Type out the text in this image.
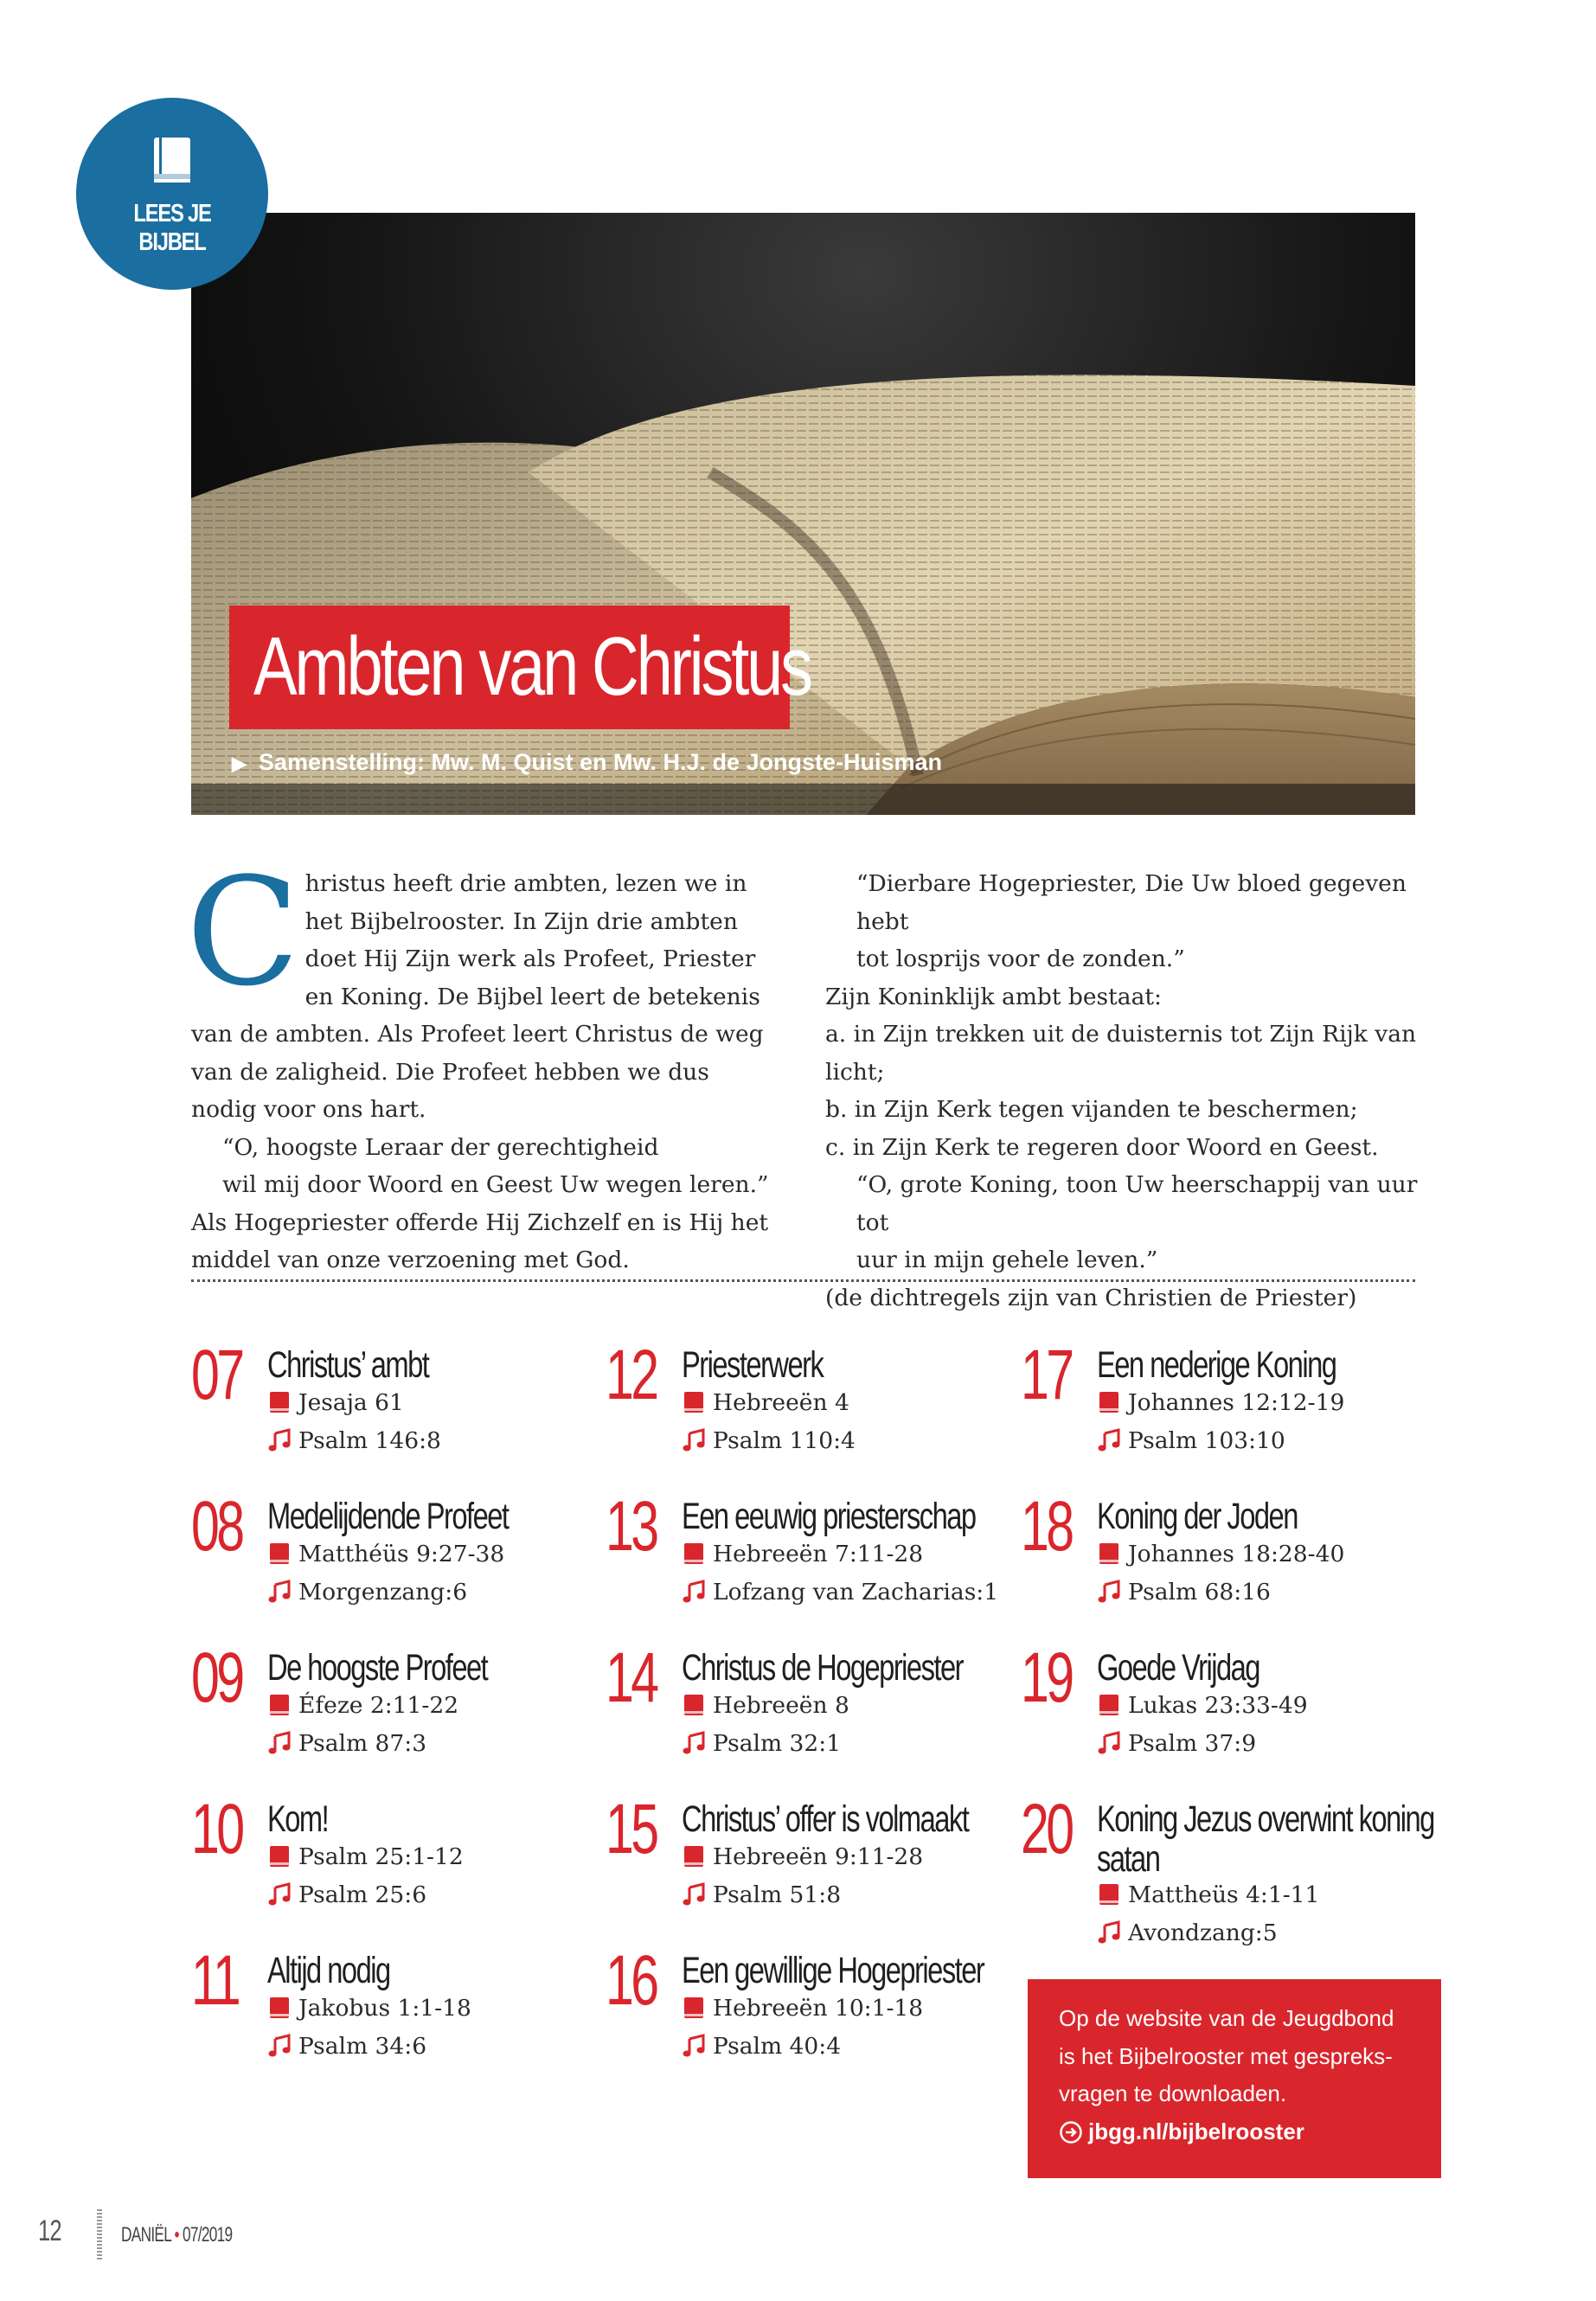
LEES JE
BIJBEL
Ambten van Christus
▶ Samenstelling: Mw. M. Quist en Mw. H.J. de Jongste-Huisman
C hristus heeft drie ambten, lezen we in het Bijbelrooster. In Zijn drie ambten doet Hij Zijn werk als Profeet, Priester en Koning. De Bijbel leert de betekenis van de ambten. Als Profeet leert Christus de weg van de zaligheid. Die Profeet hebben we dus nodig voor ons hart.

“O, hoogste Leraar der gerechtigheid

wil mij door Woord en Geest Uw wegen leren.”

Als Hogepriester offerde Hij Zichzelf en is Hij het middel van onze verzoening met God.

“Dierbare Hogepriester, Die Uw bloed gegeven hebt

tot losprijs voor de zonden.”

Zijn Koninklijk ambt bestaat:

a. in Zijn trekken uit de duisternis tot Zijn Rijk van licht;

b. in Zijn Kerk tegen vijanden te beschermen;

c. in Zijn Kerk te regeren door Woord en Geest.

“O, grote Koning, toon Uw heerschappij van uur tot

uur in mijn gehele leven.”

(de dichtregels zijn van Christien de Priester)

07 Christus’ ambt
Jesaja 61
Psalm 146:8
08 Medelijdende Profeet
Matthéüs 9:27-38
Morgenzang:6
09 De hoogste Profeet
Éfeze 2:11-22
Psalm 87:3
10 Kom!
Psalm 25:1-12
Psalm 25:6
11 Altijd nodig
Jakobus 1:1-18
Psalm 34:6
12 Priesterwerk
Hebreeën 4
Psalm 110:4
13 Een eeuwig priesterschap
Hebreeën 7:11-28
Lofzang van Zacharias:1
14 Christus de Hogepriester
Hebreeën 8
Psalm 32:1
15 Christus’ offer is volmaakt
Hebreeën 9:11-28
Psalm 51:8
16 Een gewillige Hogepriester
Hebreeën 10:1-18
Psalm 40:4
17 Een nederige Koning
Johannes 12:12-19
Psalm 103:10
18 Koning der Joden
Johannes 18:28-40
Psalm 68:16
19 Goede Vrijdag
Lukas 23:33-49
Psalm 37:9
20 Koning Jezus overwint koning
satan
Mattheüs 4:1-11
Avondzang:5
Op de website van de Jeugdbond
is het Bijbelrooster met gespreks-
vragen te downloaden.
jbgg.nl/bijbelrooster
12	DANIËL • 07/2019
